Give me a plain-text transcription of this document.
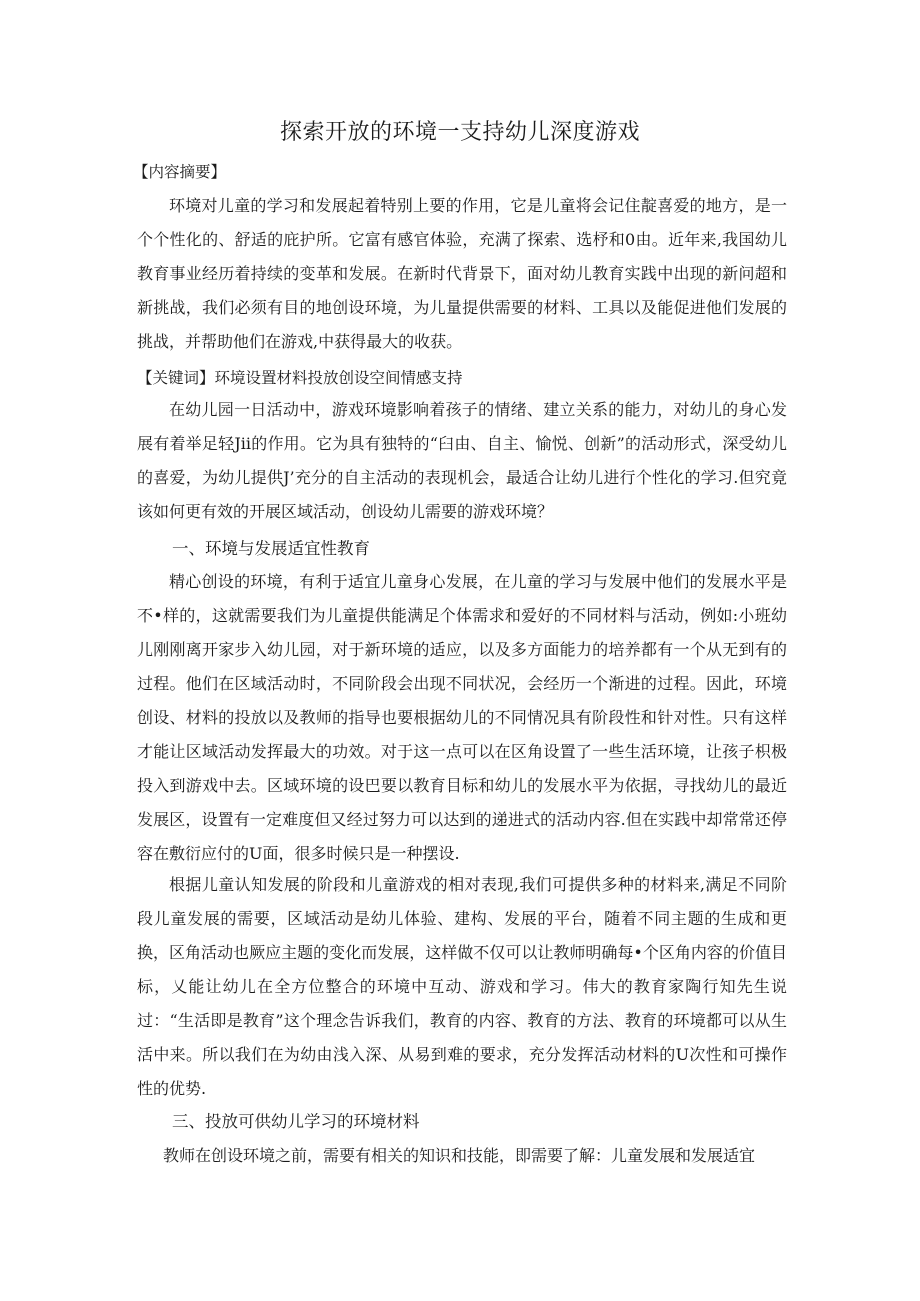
探索开放的环境一支持幼儿深度游戏
【内容摘要】
环境对儿童的学习和发展起着特别上要的作用，它是儿童将会记住靛喜爱的地方，是一个个性化的、舒适的庇护所。它富有感官体验，充满了探索、选杼和0由。近年来,我国幼儿教育事业经历着持续的变革和发展。在新时代背景下，面对幼儿教育实践中出现的新问超和新挑战，我们必须有目的地创设环境，为儿量提供需要的材料、工具以及能促进他们发展的挑战，并帮助他们在游戏,中获得最大的收获。
【关键词】环境设置材料投放创设空间情感支持
在幼儿园一日活动中，游戏环境影响着孩子的情绪、建立关系的能力，对幼儿的身心发展有着举足轻Jii的作用。它为具有独特的“臼由、自主、愉悦、创新”的活动形式，深受幼儿的喜爱，为幼儿提供J’充分的自主活动的表现机会，最适合让幼儿进行个性化的学习.但究竟该如何更有效的开展区域活动，创设幼儿需要的游戏环境？
一、环境与发展适宜性教育
精心创设的环境，有利于适宜儿童身心发展，在儿童的学习与发展中他们的发展水平是不•样的，这就需要我们为儿童提供能满足个体需求和爱好的不同材料与活动，例如:小班幼儿刚刚离开家步入幼儿园，对于新环境的适应，以及多方面能力的培养都有一个从无到有的过程。他们在区域活动时，不同阶段会出现不同状况，会经历一个渐进的过程。因此，环境创设、材料的投放以及教师的指导也要根据幼儿的不同情况具有阶段性和针对性。只有这样才能让区域活动发挥最大的功效。对于这一点可以在区角设置了一些生活环境，让孩子枳极投入到游戏中去。区域环境的设巴要以教育目标和幼儿的发展水平为依据，寻找幼儿的最近发展区，设置有一定难度但又经过努力可以达到的递进式的活动内容.但在实践中却常常还停容在敷衍应付的U面，很多时候只是一种摆设.
根据儿童认知发展的阶段和儿童游戏的相对表现,我们可提供多种的材料来,满足不同阶段儿童发展的需要，区域活动是幼儿体验、建构、发展的平台，随着不同主题的生成和更换，区角活动也厥应主题的变化而发展，这样做不仅可以让教师明确每•个区角内容的价值目标，乂能让幼儿在全方位整合的环境中互动、游戏和学习。伟大的教育家陶行知先生说过：“生活即是教育”这个理念告诉我们，教育的内容、教育的方法、教育的环境都可以从生活中来。所以我们在为幼由浅入深、从易到难的要求，充分发挥活动材料的U次性和可操作性的优势.
三、投放可供幼儿学习的环境材料
教师在创设环境之前，需要有相关的知识和技能，即需要了解：儿童发展和发展适宜
